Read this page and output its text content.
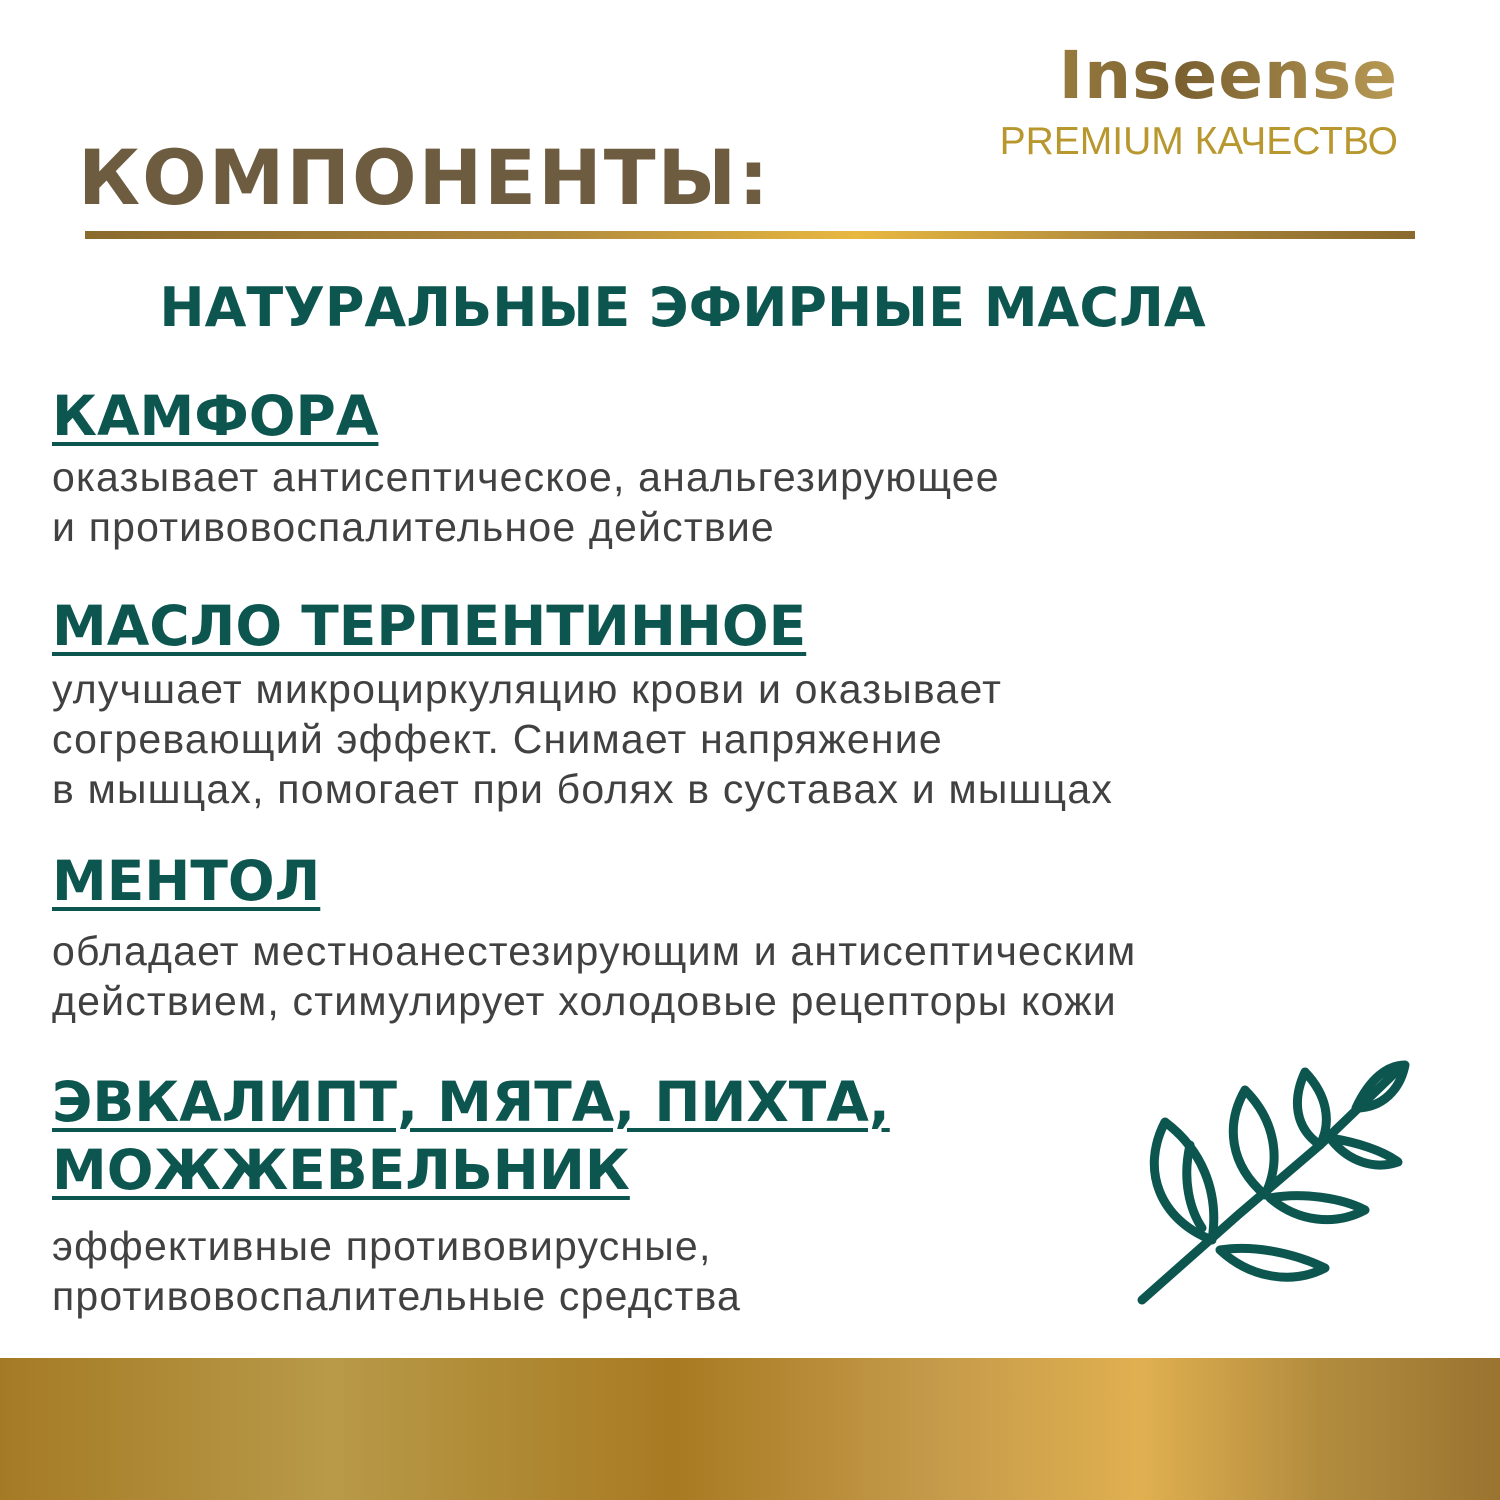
Inseense
PREMIUM КАЧЕСТВО
КОМПОНЕНТЫ:
НАТУРАЛЬНЫЕ ЭФИРНЫЕ МАСЛА
КАМФОРА

оказывает антисептическое, анальгезирующее
и противовоспалительное действие

МАСЛО ТЕРПЕНТИННОЕ

улучшает микроциркуляцию крови и оказывает
согревающий эффект. Снимает напряжение
в мышцах, помогает при болях в суставах и мышцах

МЕНТОЛ

обладает местноанестезирующим и антисептическим
действием, стимулирует холодовые рецепторы кожи

ЭВКАЛИПТ, МЯТА, ПИХТА,
МОЖЖЕВЕЛЬНИК

эффективные противовирусные,
противовоспалительные средства
